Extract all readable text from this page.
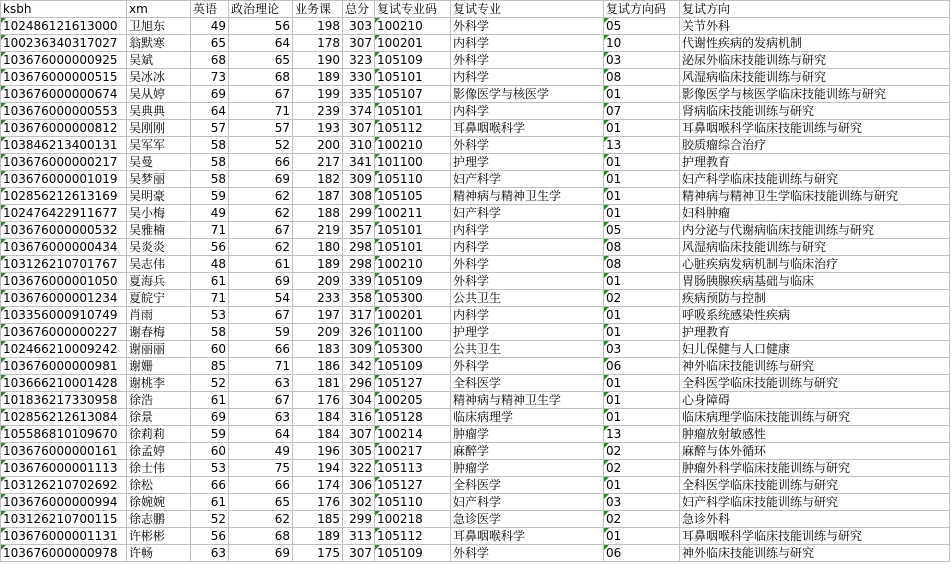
ksbh	xm	英语	政治理论	业务课	总分	复试专业码	复试专业	复试方向码	复试方向
102486121613000	卫旭东	49	56	198	303	100210	外科学	05	关节外科
100236340317027	翁默寒	65	64	178	307	100201	内科学	10	代谢性疾病的发病机制
103676000000925	吴斌	68	65	190	323	105109	外科学	03	泌尿外临床技能训练与研究
103676000000515	吴冰冰	73	68	189	330	105101	内科学	08	风湿病临床技能训练与研究
103676000000674	吴从婷	69	67	199	335	105107	影像医学与核医学	01	影像医学与核医学临床技能训练与研究
103676000000553	吴典典	64	71	239	374	105101	内科学	07	肾病临床技能训练与研究
103676000000812	吴刚刚	57	57	193	307	105112	耳鼻咽喉科学	01	耳鼻咽喉科学临床技能训练与研究
103846213400131	吴军军	58	52	200	310	100210	外科学	13	胶质瘤综合治疗
103676000000217	吴曼	58	66	217	341	101100	护理学	01	护理教育
103676000001019	吴梦丽	58	69	182	309	105110	妇产科学	01	妇产科学临床技能训练与研究
102856212613169	吴明豪	59	62	187	308	105105	精神病与精神卫生学	01	精神病与精神卫生学临床技能训练与研究
102476422911677	吴小梅	49	62	188	299	100211	妇产科学	01	妇科肿瘤
103676000000532	吴雅楠	71	67	219	357	105101	内科学	05	内分泌与代谢病临床技能训练与研究
103676000000434	吴炎炎	56	62	180	298	105101	内科学	08	风湿病临床技能训练与研究
103126210701767	吴志伟	48	61	189	298	100210	外科学	08	心脏疾病发病机制与临床治疗
103676000001050	夏海兵	61	69	209	339	105109	外科学	01	胃肠胰腺疾病基础与临床
103676000001234	夏皖宁	71	54	233	358	105300	公共卫生	02	疾病预防与控制
103356000910749	肖雨	53	67	197	317	100201	内科学	01	呼吸系统感染性疾病
103676000000227	谢春梅	58	59	209	326	101100	护理学	01	护理教育
102466210009242	谢丽丽	60	66	183	309	105300	公共卫生	03	妇儿保健与人口健康
103676000000981	谢姗	85	71	186	342	105109	外科学	06	神外临床技能训练与研究
103666210001428	谢桃李	52	63	181	296	105127	全科医学	01	全科医学临床技能训练与研究
101836217330958	徐浩	61	67	176	304	100205	精神病与精神卫生学	01	心身障碍
102856212613084	徐景	69	63	184	316	105128	临床病理学	01	临床病理学临床技能训练与研究
105586810109670	徐莉莉	59	64	184	307	100214	肿瘤学	13	肿瘤放射敏感性
103676000000161	徐孟婷	60	49	196	305	100217	麻醉学	02	麻醉与体外循环
103676000001113	徐士伟	53	75	194	322	105113	肿瘤学	02	肿瘤外科学临床技能训练与研究
103126210702692	徐松	66	66	174	306	105127	全科医学	01	全科医学临床技能训练与研究
103676000000994	徐婉婉	61	65	176	302	105110	妇产科学	03	妇产科学临床技能训练与研究
103126210700115	徐志鹏	52	62	185	299	100218	急诊医学	02	急诊外科
103676000001131	许彬彬	56	68	189	313	105112	耳鼻咽喉科学	01	耳鼻咽喉科学临床技能训练与研究
103676000000978	许畅	63	69	175	307	105109	外科学	06	神外临床技能训练与研究
